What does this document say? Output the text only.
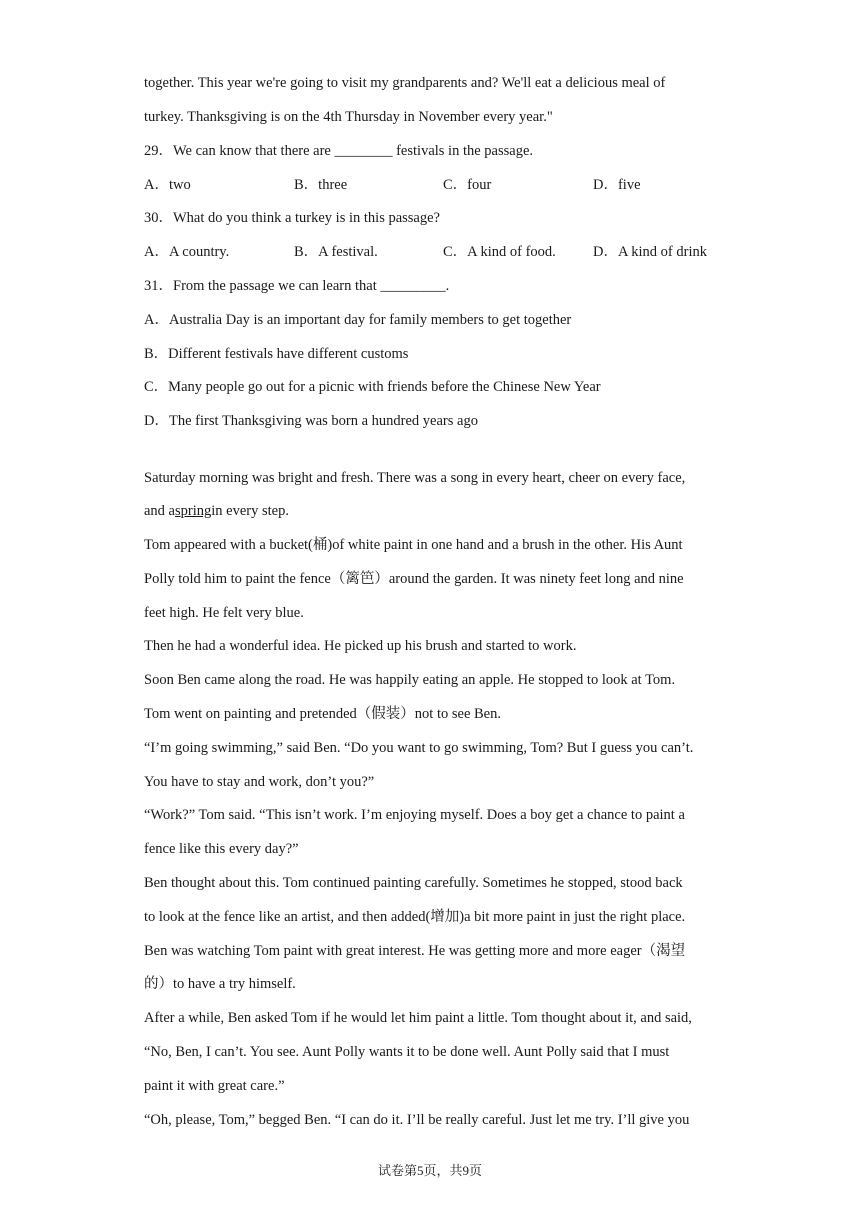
together. This year we're going to visit my grandparents and? We'll eat a delicious meal of
turkey. Thanksgiving is on the 4th Thursday in November every year."
29．We can know that there are ________ festivals in the passage.
A．two	B．three	C．four	D．five
30．What do you think a turkey is in this passage?
A．A country.	B．A festival.	C．A kind of food.	D．A kind of drink
31．From the passage we can learn that _________.
A．Australia Day is an important day for family members to get together
B．Different festivals have different customs
C．Many people go out for a picnic with friends before the Chinese New Year
D．The first Thanksgiving was born a hundred years ago
Saturday morning was bright and fresh. There was a song in every heart, cheer on every face,
and aspringin every step.
Tom appeared with a bucket(桶)of white paint in one hand and a brush in the other. His Aunt
Polly told him to paint the fence（篱笆）around the garden. It was ninety feet long and nine
feet high. He felt very blue.
Then he had a wonderful idea. He picked up his brush and started to work.
Soon Ben came along the road. He was happily eating an apple. He stopped to look at Tom.
Tom went on painting and pretended（假装）not to see Ben.
“I’m going swimming,” said Ben. “Do you want to go swimming, Tom? But I guess you can’t.
You have to stay and work, don’t you?”
“Work?” Tom said. “This isn’t work. I’m enjoying myself. Does a boy get a chance to paint a
fence like this every day?”
Ben thought about this. Tom continued painting carefully. Sometimes he stopped, stood back
to look at the fence like an artist, and then added(增加)a bit more paint in just the right place.
Ben was watching Tom paint with great interest. He was getting more and more eager（渴望
的）to have a try himself.
After a while, Ben asked Tom if he would let him paint a little. Tom thought about it, and said,
“No, Ben, I can’t. You see. Aunt Polly wants it to be done well. Aunt Polly said that I must
paint it with great care.”
“Oh, please, Tom,” begged Ben. “I can do it. I’ll be really careful. Just let me try. I’ll give you
试卷第5页，共9页
